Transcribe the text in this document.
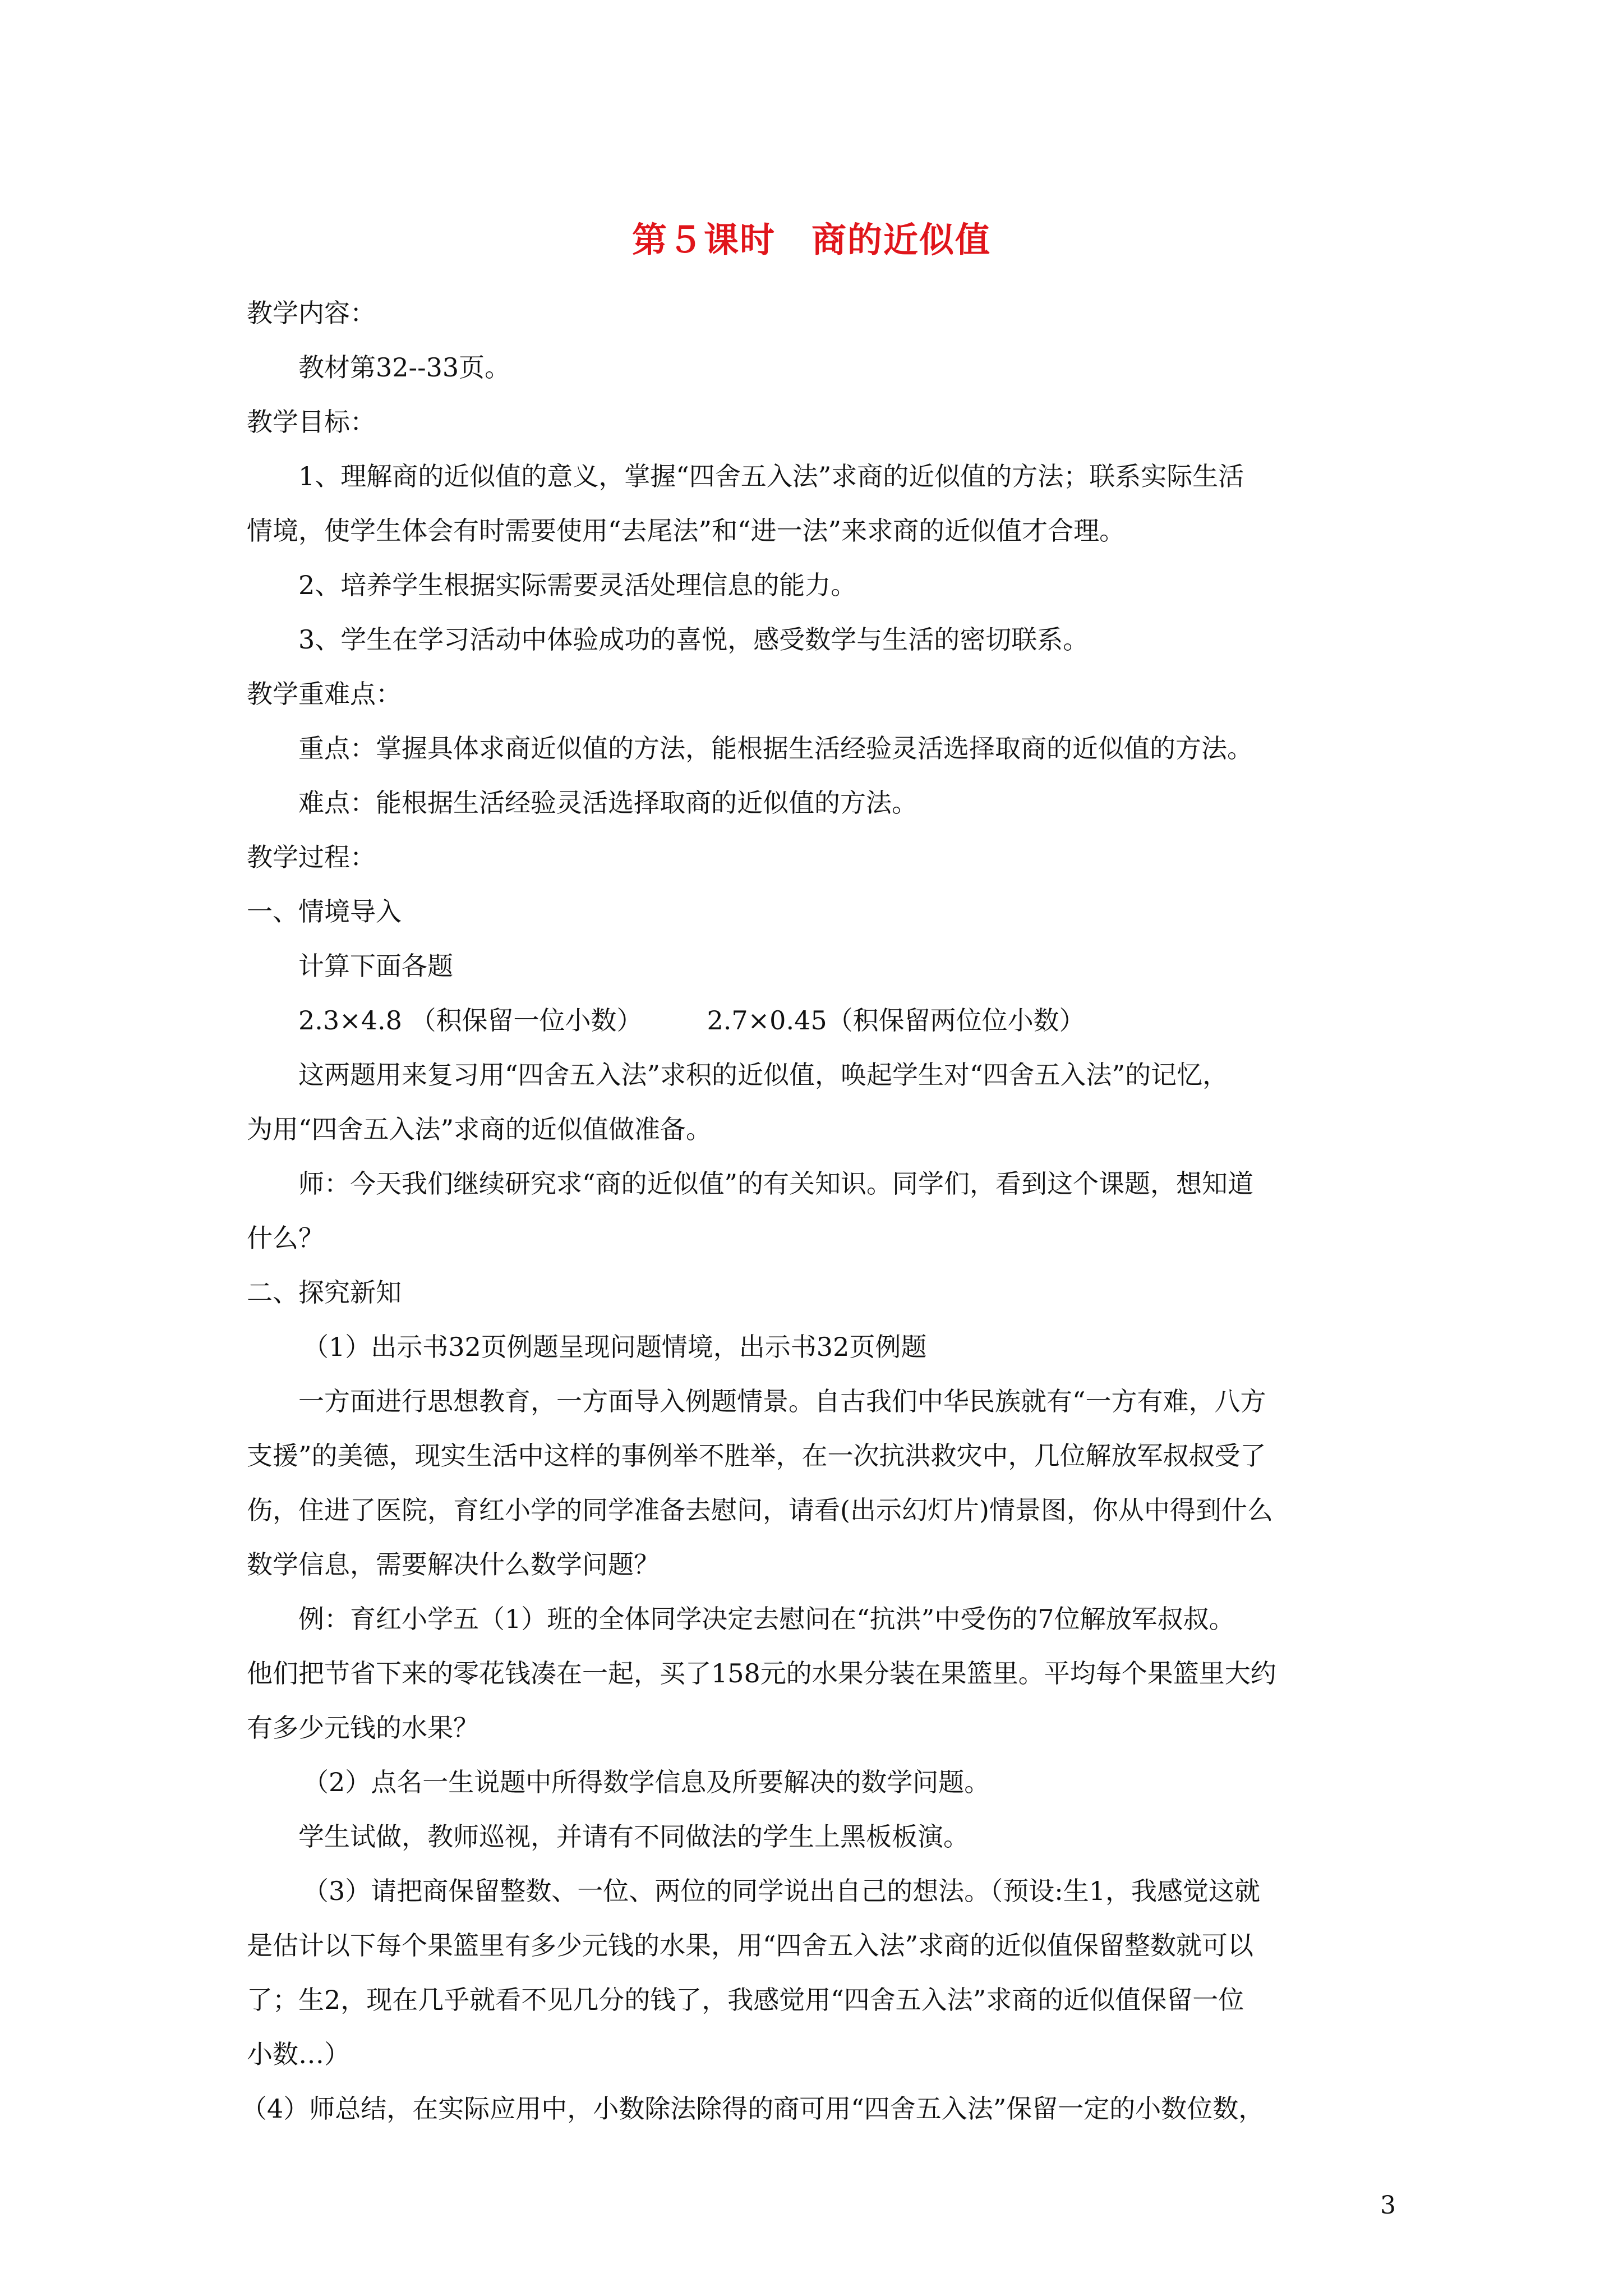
第５课时　商的近似值

教学内容：

教材第32--33页。

教学目标：

1、理解商的近似值的意义，掌握“四舍五入法”求商的近似值的方法；联系实际生活

情境，使学生体会有时需要使用“去尾法”和“进一法”来求商的近似值才合理。

2、培养学生根据实际需要灵活处理信息的能力。

3、学生在学习活动中体验成功的喜悦，感受数学与生活的密切联系。

教学重难点：

重点：掌握具体求商近似值的方法，能根据生活经验灵活选择取商的近似值的方法。

难点：能根据生活经验灵活选择取商的近似值的方法。

教学过程：

一、情境导入

计算下面各题

2.3×4.8 （积保留一位小数）　　　2.7×0.45（积保留两位位小数）

这两题用来复习用“四舍五入法”求积的近似值，唤起学生对“四舍五入法”的记忆，

为用“四舍五入法”求商的近似值做准备。

师：今天我们继续研究求“商的近似值”的有关知识。同学们，看到这个课题，想知道

什么？

二、探究新知

（1）出示书32页例题呈现问题情境，出示书32页例题

一方面进行思想教育，一方面导入例题情景。自古我们中华民族就有“一方有难，八方

支援”的美德，现实生活中这样的事例举不胜举，在一次抗洪救灾中，几位解放军叔叔受了

伤，住进了医院，育红小学的同学准备去慰问，请看(出示幻灯片)情景图，你从中得到什么

数学信息，需要解决什么数学问题？

例：育红小学五（1）班的全体同学决定去慰问在“抗洪”中受伤的7位解放军叔叔。

他们把节省下来的零花钱凑在一起，买了158元的水果分装在果篮里。平均每个果篮里大约

有多少元钱的水果？

（2）点名一生说题中所得数学信息及所要解决的数学问题。

学生试做，教师巡视，并请有不同做法的学生上黑板板演。

（3）请把商保留整数、一位、两位的同学说出自己的想法。（预设:生1，我感觉这就

是估计以下每个果篮里有多少元钱的水果，用“四舍五入法”求商的近似值保留整数就可以

了；生2，现在几乎就看不见几分的钱了，我感觉用“四舍五入法”求商的近似值保留一位

小数…）

（4）师总结，在实际应用中，小数除法除得的商可用“四舍五入法”保留一定的小数位数，

3
